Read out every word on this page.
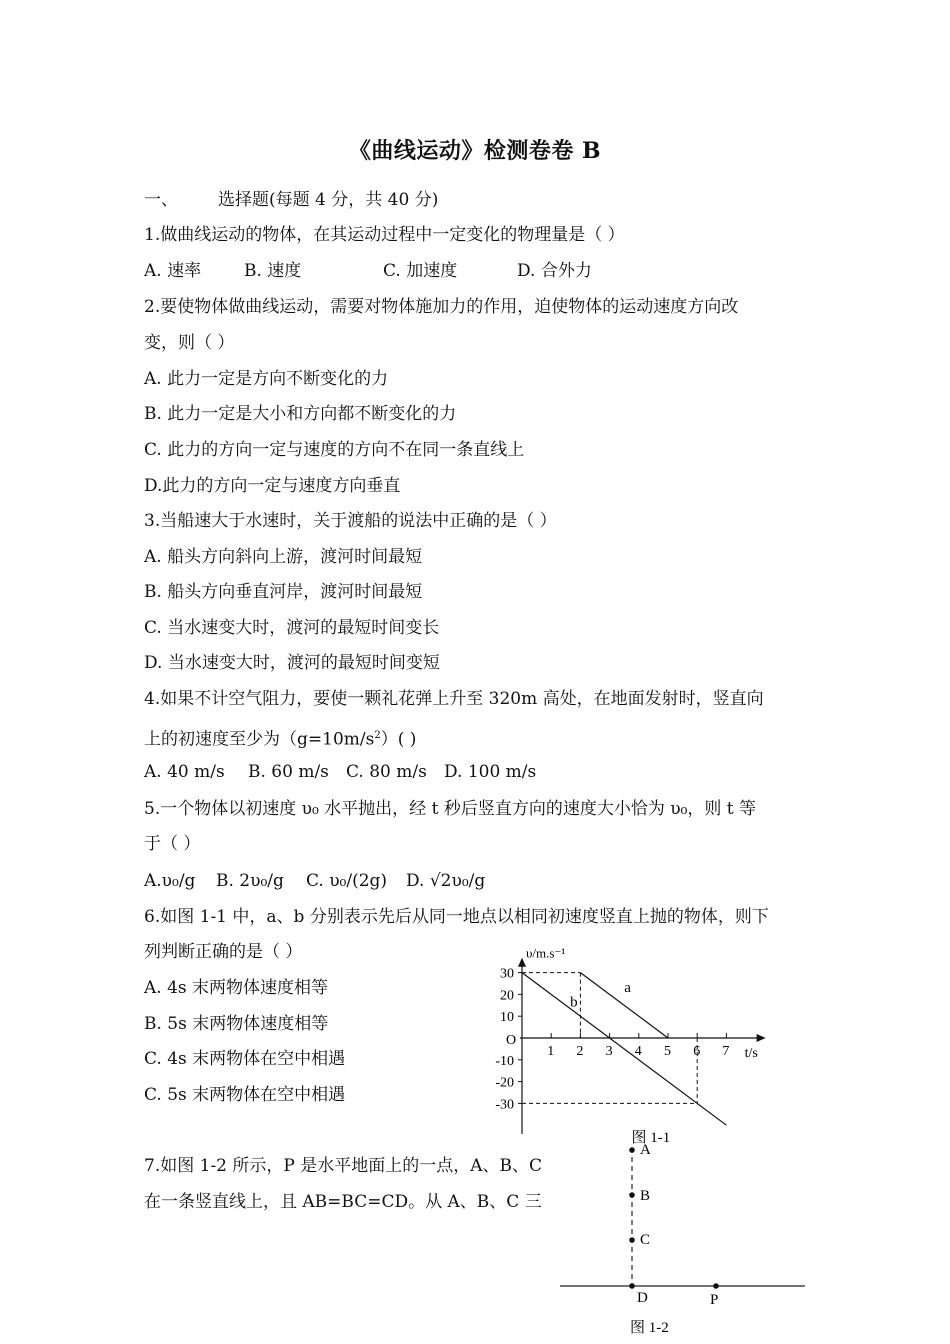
《曲线运动》检测卷卷 B
一、 选择题(每题 4 分，共 40 分)
1.做曲线运动的物体，在其运动过程中一定变化的物理量是（ ）
A. 速率	B. 速度	C. 加速度	D. 合外力
2.要使物体做曲线运动，需要对物体施加力的作用，迫使物体的运动速度方向改
变，则（ ）
A. 此力一定是方向不断变化的力
B. 此力一定是大小和方向都不断变化的力
C. 此力的方向一定与速度的方向不在同一条直线上
D.此力的方向一定与速度方向垂直
3.当船速大于水速时，关于渡船的说法中正确的是（ ）
A. 船头方向斜向上游，渡河时间最短
B. 船头方向垂直河岸，渡河时间最短
C. 当水速变大时，渡河的最短时间变长
D. 当水速变大时，渡河的最短时间变短
4.如果不计空气阻力，要使一颗礼花弹上升至 320m 高处，在地面发射时，竖直向
上的初速度至少为$(g=10m/s^2)$( )
A. 40 m/s B. 60 m/s C. 80 m/s D. 100 m/s
5.一个物体以初速度 υ₀ 水平抛出，经 t 秒后竖直方向的速度大小恰为 υ₀，则 t 等
于（ ）
A.υ₀/g B. 2υ₀/g C. υ₀/(2g) D. √2υ₀/g
6.如图 1-1 中，a、b 分别表示先后从同一地点以相同初速度竖直上抛的物体，则下
列判断正确的是（ ）
A. 4s 末两物体速度相等
B. 5s 末两物体速度相等
C. 4s 末两物体在空中相遇
C. 5s 末两物体在空中相遇
7.如图 1-2 所示，P 是水平地面上的一点，A、B、C
在一条竖直线上，且 AB=BC=CD。从 A、B、C 三
υ/m.s⁻¹
t/s
O
1 2 3 4 5 6 7
30
20
10
-10
-20
-30
a
b
图 1-1
A
B
C
D	P
图 1-2
